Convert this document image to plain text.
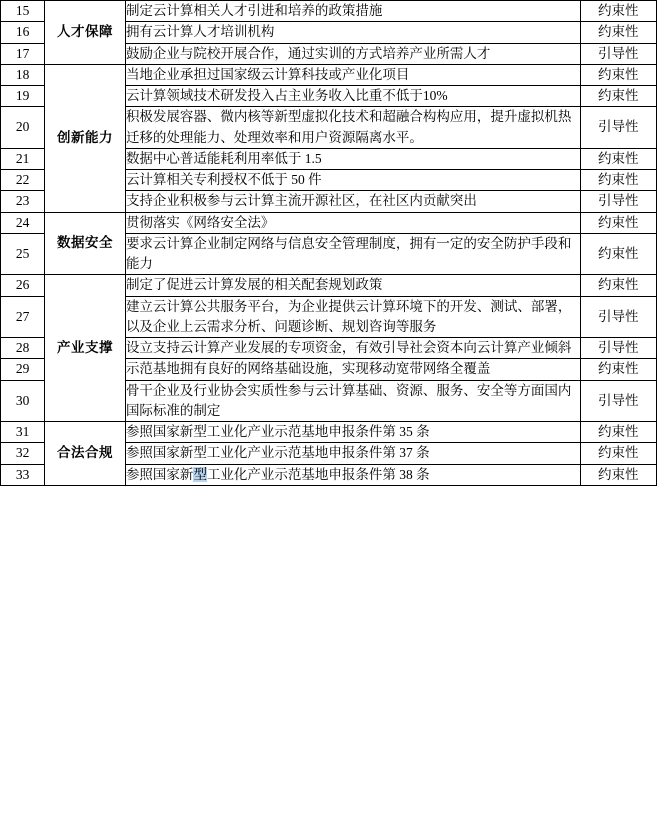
15	人才保障	制定云计算相关人才引进和培养的政策措施	约束性
16		拥有云计算人才培训机构	约束性
17		鼓励企业与院校开展合作，通过实训的方式培养产业所需人才	引导性
18	创新能力	当地企业承担过国家级云计算科技或产业化项目	约束性
19		云计算领域技术研发投入占主业务收入比重不低于10%	约束性
20		积极发展容器、微内核等新型虚拟化技术和超融合构构应用，提升虚拟机热迁移的处理能力、处理效率和用户资源隔离水平。	引导性
21		数据中心普适能耗利用率低于 1.5	约束性
22		云计算相关专利授权不低于 50 件	约束性
23		支持企业积极参与云计算主流开源社区，在社区内贡献突出	引导性
24	数据安全	贯彻落实《网络安全法》	约束性
25		要求云计算企业制定网络与信息安全管理制度，拥有一定的安全防护手段和能力	约束性
26	产业支撑	制定了促进云计算发展的相关配套规划政策	约束性
27		建立云计算公共服务平台，为企业提供云计算环境下的开发、测试、部署，以及企业上云需求分析、问题诊断、规划咨询等服务	引导性
28		设立支持云计算产业发展的专项资金，有效引导社会资本向云计算产业倾斜	引导性
29		示范基地拥有良好的网络基础设施，实现移动宽带网络全覆盖	约束性
30		骨干企业及行业协会实质性参与云计算基础、资源、服务、安全等方面国内国际标准的制定	引导性
31	合法合规	参照国家新型工业化产业示范基地申报条件第 35 条	约束性
32		参照国家新型工业化产业示范基地申报条件第 37 条	约束性
33		参照国家新型工业化产业示范基地申报条件第 38 条	约束性
